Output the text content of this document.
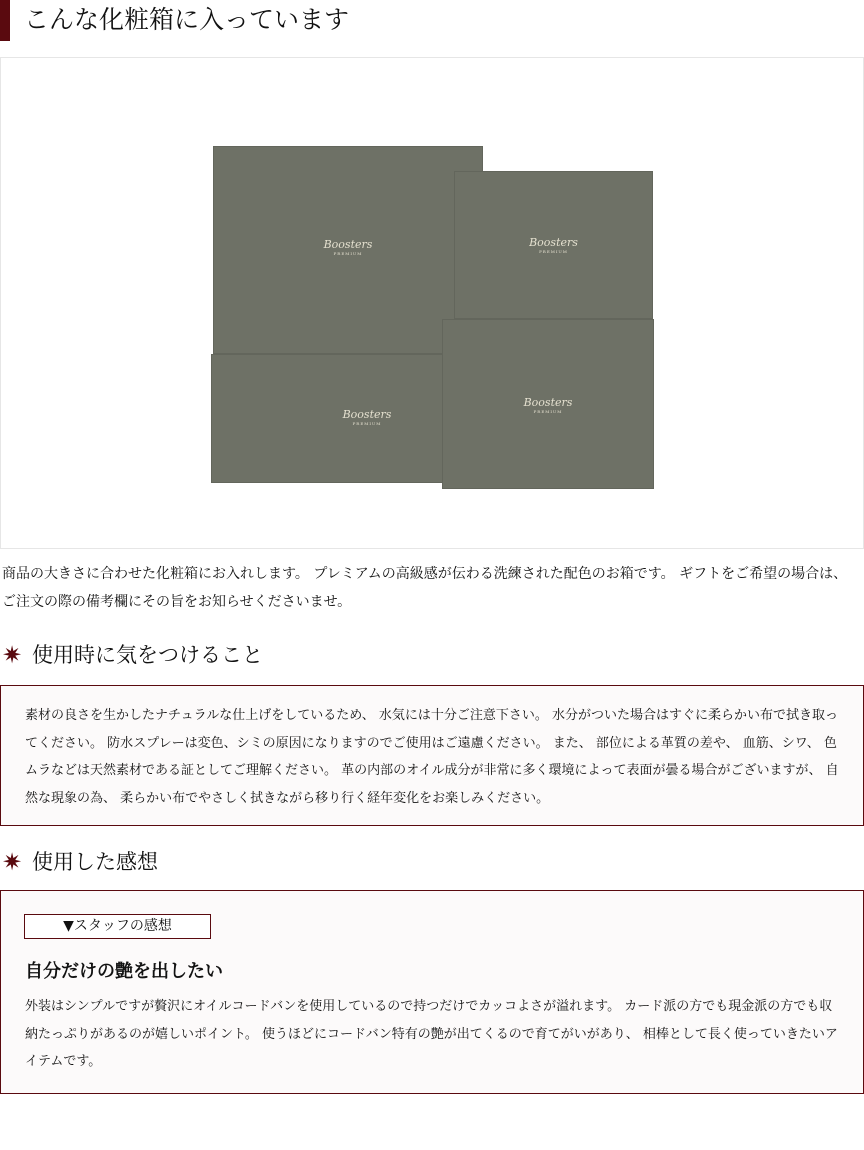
こんな化粧箱に入っています
Boosters
PREMIUM
Boosters
PREMIUM
Boosters
PREMIUM
Boosters
PREMIUM
商品の大きさに合わせた化粧箱にお入れします。 プレミアムの高級感が伝わる洗練された配色のお箱です。 ギフトをご希望の場合は、 ご注文の際の備考欄にその旨をお知らせくださいませ。
✷ 使用時に気をつけること
素材の良さを生かしたナチュラルな仕上げをしているため、 水気には十分ご注意下さい。 水分がついた場合はすぐに柔らかい布で拭き取ってください。 防水スプレーは変色、シミの原因になりますのでご使用はご遠慮ください。 また、 部位による革質の差や、 血筋、シワ、 色ムラなどは天然素材である証としてご理解ください。 革の内部のオイル成分が非常に多く環境によって表面が曇る場合がございますが、 自然な現象の為、 柔らかい布でやさしく拭きながら移り行く経年変化をお楽しみください。
✷ 使用した感想
▼スタッフの感想
自分だけの艶を出したい
外装はシンプルですが贅沢にオイルコードバンを使用しているので持つだけでカッコよさが溢れます。 カード派の方でも現金派の方でも収納たっぷりがあるのが嬉しいポイント。 使うほどにコードバン特有の艶が出てくるので育てがいがあり、 相棒として長く使っていきたいアイテムです。
